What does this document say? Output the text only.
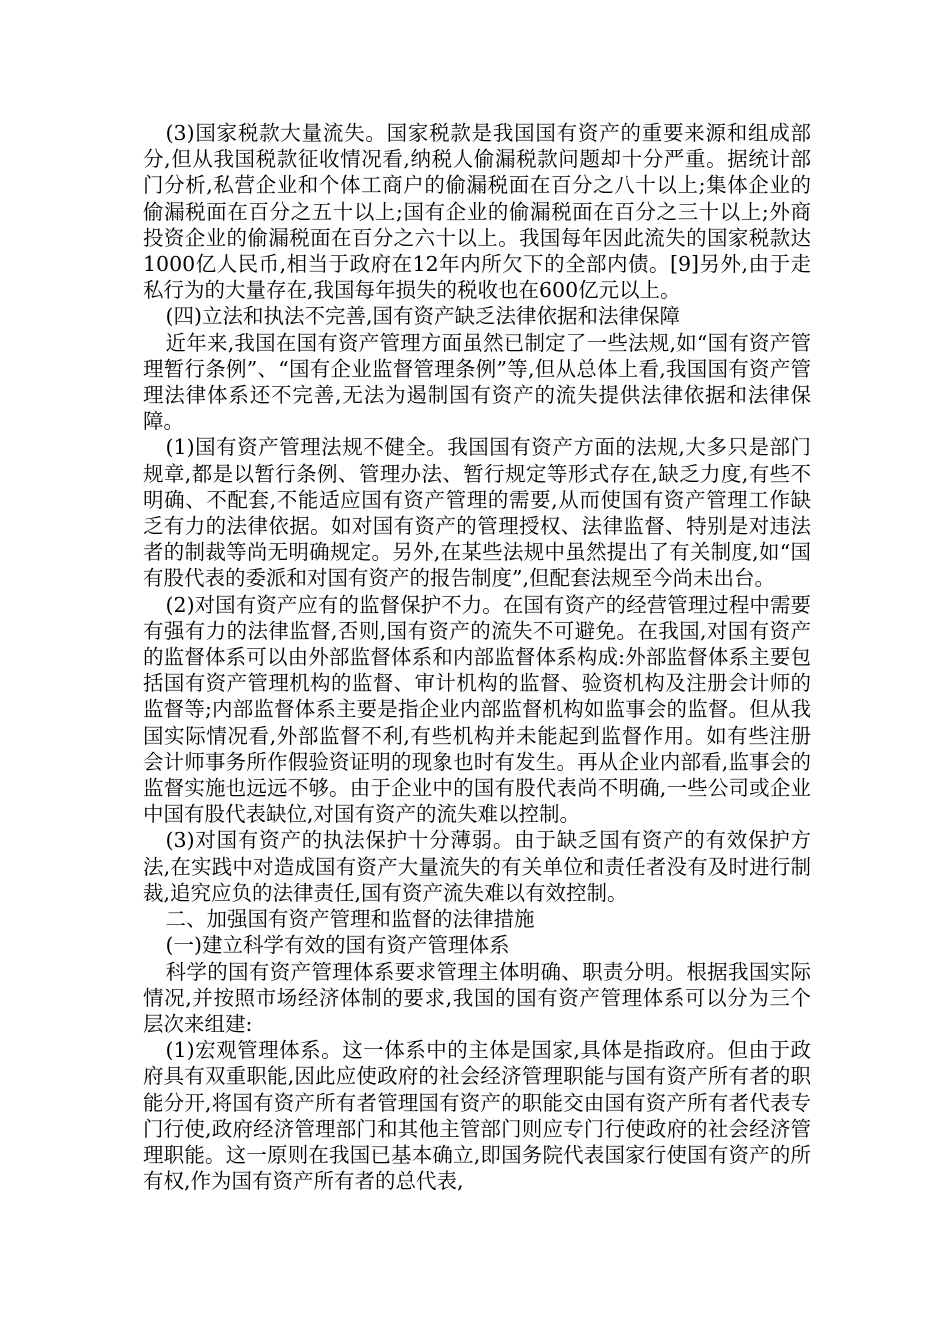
(3)国家税款大量流失。国家税款是我国国有资产的重要来源和组成部分,但从我国税款征收情况看,纳税人偷漏税款问题却十分严重。据统计部门分析,私营企业和个体工商户的偷漏税面在百分之八十以上;集体企业的偷漏税面在百分之五十以上;国有企业的偷漏税面在百分之三十以上;外商投资企业的偷漏税面在百分之六十以上。我国每年因此流失的国家税款达1000亿人民币,相当于政府在12年内所欠下的全部内债。[9]另外,由于走私行为的大量存在,我国每年损失的税收也在600亿元以上。

(四)立法和执法不完善,国有资产缺乏法律依据和法律保障

近年来,我国在国有资产管理方面虽然已制定了一些法规,如“国有资产管理暂行条例”、“国有企业监督管理条例”等,但从总体上看,我国国有资产管理法律体系还不完善,无法为遏制国有资产的流失提供法律依据和法律保障。

(1)国有资产管理法规不健全。我国国有资产方面的法规,大多只是部门规章,都是以暂行条例、管理办法、暂行规定等形式存在,缺乏力度,有些不明确、不配套,不能适应国有资产管理的需要,从而使国有资产管理工作缺乏有力的法律依据。如对国有资产的管理授权、法律监督、特别是对违法者的制裁等尚无明确规定。另外,在某些法规中虽然提出了有关制度,如“国有股代表的委派和对国有资产的报告制度”,但配套法规至今尚未出台。

(2)对国有资产应有的监督保护不力。在国有资产的经营管理过程中需要有强有力的法律监督,否则,国有资产的流失不可避免。在我国,对国有资产的监督体系可以由外部监督体系和内部监督体系构成:外部监督体系主要包括国有资产管理机构的监督、审计机构的监督、验资机构及注册会计师的监督等;内部监督体系主要是指企业内部监督机构如监事会的监督。但从我国实际情况看,外部监督不利,有些机构并未能起到监督作用。如有些注册会计师事务所作假验资证明的现象也时有发生。再从企业内部看,监事会的监督实施也远远不够。由于企业中的国有股代表尚不明确,一些公司或企业中国有股代表缺位,对国有资产的流失难以控制。

(3)对国有资产的执法保护十分薄弱。由于缺乏国有资产的有效保护方法,在实践中对造成国有资产大量流失的有关单位和责任者没有及时进行制裁,追究应负的法律责任,国有资产流失难以有效控制。

二、加强国有资产管理和监督的法律措施

(一)建立科学有效的国有资产管理体系

科学的国有资产管理体系要求管理主体明确、职责分明。根据我国实际情况,并按照市场经济体制的要求,我国的国有资产管理体系可以分为三个层次来组建:

(1)宏观管理体系。这一体系中的主体是国家,具体是指政府。但由于政府具有双重职能,因此应使政府的社会经济管理职能与国有资产所有者的职能分开,将国有资产所有者管理国有资产的职能交由国有资产所有者代表专门行使,政府经济管理部门和其他主管部门则应专门行使政府的社会经济管理职能。这一原则在我国已基本确立,即国务院代表国家行使国有资产的所有权,作为国有资产所有者的总代表,
